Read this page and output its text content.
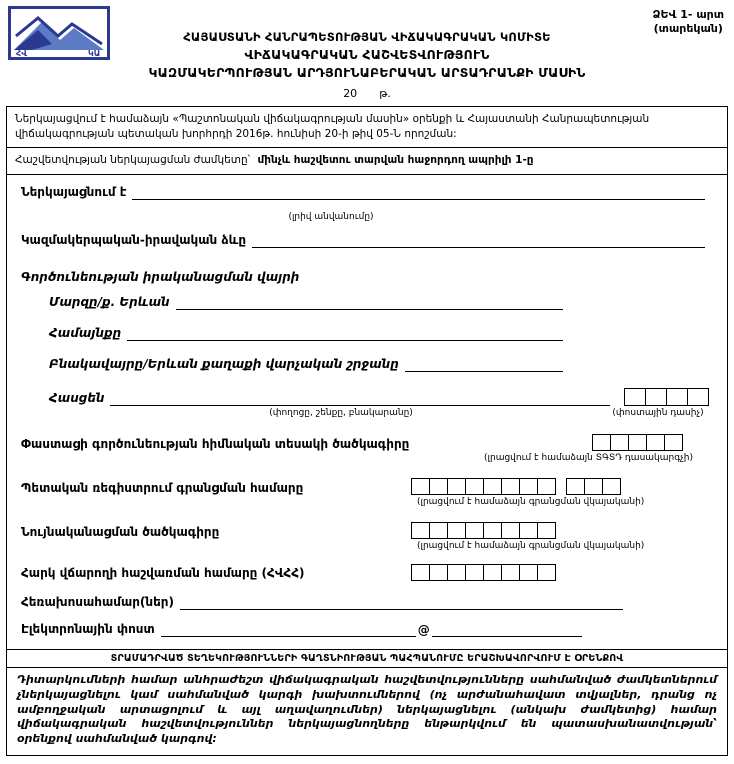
ՀՎ	ԿԱ
ՁԵՎ 1- արտ
(տարեկան)
ՀԱՅԱՍՏԱՆԻ ՀԱՆՐԱՊԵՏՈՒԹՅԱՆ ՎԻՃԱԿԱԳՐԱԿԱՆ ԿՈՄԻՏԵ
ՎԻՃԱԿԱԳՐԱԿԱՆ ՀԱՇՎԵՏՎՈՒԹՅՈՒՆ
ԿԱԶՄԱԿԵՐՊՈՒԹՅԱՆ ԱՐԴՅՈՒՆԱԲԵՐԱԿԱՆ ԱՐՏԱԴՐԱՆՔԻ ՄԱՍԻՆ
20 թ.
Ներկայացվում է համաձայն «Պաշտոնական վիճակագրության մասին» օրենքի և Հայաստանի Հանրապետության վիճակագրության պետական խորհրդի 2016թ. հունիսի 20-ի թիվ 05-Ն որոշման:
Հաշվետվության ներկայացման ժամկետը՝ մինչև հաշվետու տարվան հաջորդող ապրիլի 1-ը
Ներկայացնում է
(լրիվ անվանումը)
Կազմակերպական-իրավական ձևը
Գործունեության իրականացման վայրի
Մարզը/ք. Երևան
Համայնքը
Բնակավայրը/Երևան քաղաքի վարչական շրջանը
Հասցեն
(փողոցը, շենքը, բնակարանը)	(փոստային դասիչ)
Փաստացի գործունեության հիմնական տեսակի ծածկագիրը
(լրացվում է համաձայն ՏԳՏԴ դասակարգչի)
Պետական ռեգիստրում գրանցման համարը
(լրացվում է համաձայն գրանցման վկայականի)
Նույնականացման ծածկագիրը
(լրացվում է համաձայն գրանցման վկայականի)
Հարկ վճարողի հաշվառման համարը (ՀՎՀՀ)
Հեռախոսահամար(ներ)
Էլեկտրոնային փոստ	@
ՏՐԱՄԱԴՐՎԱԾ ՏԵՂԵԿՈՒԹՅՈՒՆՆԵՐԻ ԳԱՂՏՆԻՈՒԹՅԱՆ ՊԱՀՊԱՆՈՒՄԸ ԵՐԱՇԽԱՎՈՐՎՈՒՄ Է ՕՐԵՆՔՈՎ
Դիտարկումների համար անհրաժեշտ վիճակագրական հաշվետվությունները սահմանված ժամկետներում չներկայացնելու կամ սահմանված կարգի խախտումներով (ոչ արժանահավատ տվյալներ, դրանց ոչ ամբողջական արտացոլում և այլ աղավաղումներ) ներկայացնելու (անկախ ժամկետից) համար վիճակագրական հաշվետվություններ ներկայացնողները ենթարկվում են պատասխանատվության՝ օրենքով սահմանված կարգով:
